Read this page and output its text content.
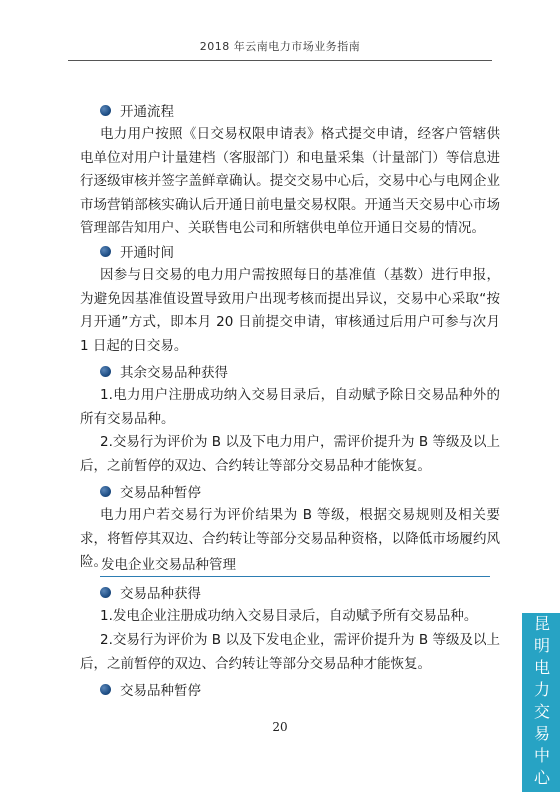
2018 年云南电力市场业务指南
开通流程

电力用户按照《日交易权限申请表》格式提交申请，经客户管辖供电单位对用户计量建档（客服部门）和电量采集（计量部门）等信息进行逐级审核并签字盖鲜章确认。提交交易中心后，交易中心与电网企业市场营销部核实确认后开通日前电量交易权限。开通当天交易中心市场管理部告知用户、关联售电公司和所辖供电单位开通日交易的情况。

开通时间

因参与日交易的电力用户需按照每日的基准值（基数）进行申报，为避免因基准值设置导致用户出现考核而提出异议，交易中心采取“按月开通”方式，即本月 20 日前提交申请，审核通过后用户可参与次月 1 日起的日交易。

其余交易品种获得

1.电力用户注册成功纳入交易目录后，自动赋予除日交易品种外的所有交易品种。

2.交易行为评价为 B 以及下电力用户，需评价提升为 B 等级及以上后，之前暂停的双边、合约转让等部分交易品种才能恢复。

交易品种暂停

电力用户若交易行为评价结果为 B 等级，根据交易规则及相关要求，将暂停其双边、合约转让等部分交易品种资格，以降低市场履约风险。

发电企业交易品种管理
交易品种获得

1.发电企业注册成功纳入交易目录后，自动赋予所有交易品种。

2.交易行为评价为 B 以及下发电企业，需评价提升为 B 等级及以上后，之前暂停的双边、合约转让等部分交易品种才能恢复。

交易品种暂停
20	昆明电力交易中心
